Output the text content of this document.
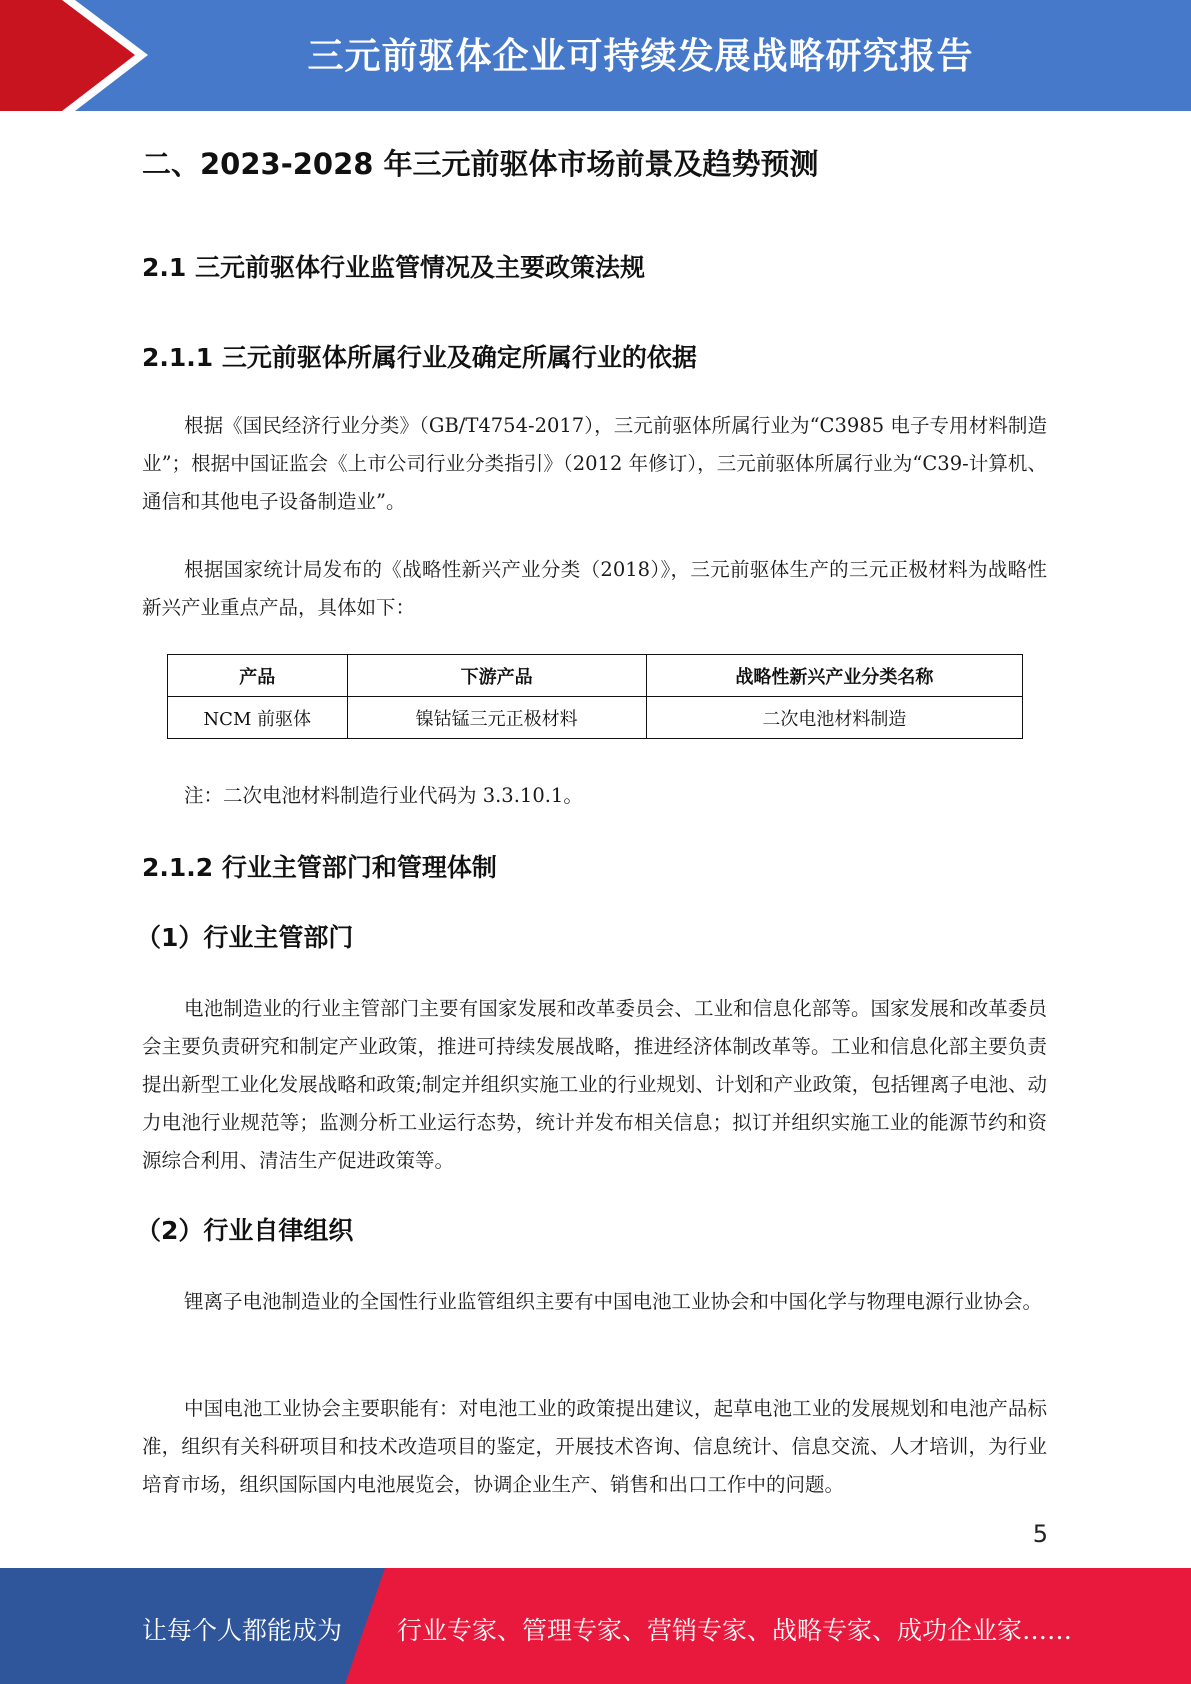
三元前驱体企业可持续发展战略研究报告
二、2023-2028 年三元前驱体市场前景及趋势预测
2.1 三元前驱体行业监管情况及主要政策法规
2.1.1 三元前驱体所属行业及确定所属行业的依据

根据《国民经济行业分类》（GB/T4754-2017），三元前驱体所属行业为“C3985 电子专用材料制造业”；根据中国证监会《上市公司行业分类指引》（2012 年修订），三元前驱体所属行业为“C39-计算机、通信和其他电子设备制造业”。

根据国家统计局发布的《战略性新兴产业分类（2018）》，三元前驱体生产的三元正极材料为战略性新兴产业重点产品，具体如下：

产品	下游产品	战略性新兴产业分类名称
NCM 前驱体	镍钴锰三元正极材料	二次电池材料制造

注：二次电池材料制造行业代码为 3.3.10.1。

2.1.2 行业主管部门和管理体制
（1）行业主管部门

电池制造业的行业主管部门主要有国家发展和改革委员会、工业和信息化部等。国家发展和改革委员会主要负责研究和制定产业政策，推进可持续发展战略，推进经济体制改革等。工业和信息化部主要负责提出新型工业化发展战略和政策;制定并组织实施工业的行业规划、计划和产业政策，包括锂离子电池、动力电池行业规范等；监测分析工业运行态势，统计并发布相关信息；拟订并组织实施工业的能源节约和资源综合利用、清洁生产促进政策等。

（2）行业自律组织

锂离子电池制造业的全国性行业监管组织主要有中国电池工业协会和中国化学与物理电源行业协会。

中国电池工业协会主要职能有：对电池工业的政策提出建议，起草电池工业的发展规划和电池产品标准，组织有关科研项目和技术改造项目的鉴定，开展技术咨询、信息统计、信息交流、人才培训，为行业培育市场，组织国际国内电池展览会，协调企业生产、销售和出口工作中的问题。

5
让每个人都能成为 行业专家、管理专家、营销专家、战略专家、成功企业家……
